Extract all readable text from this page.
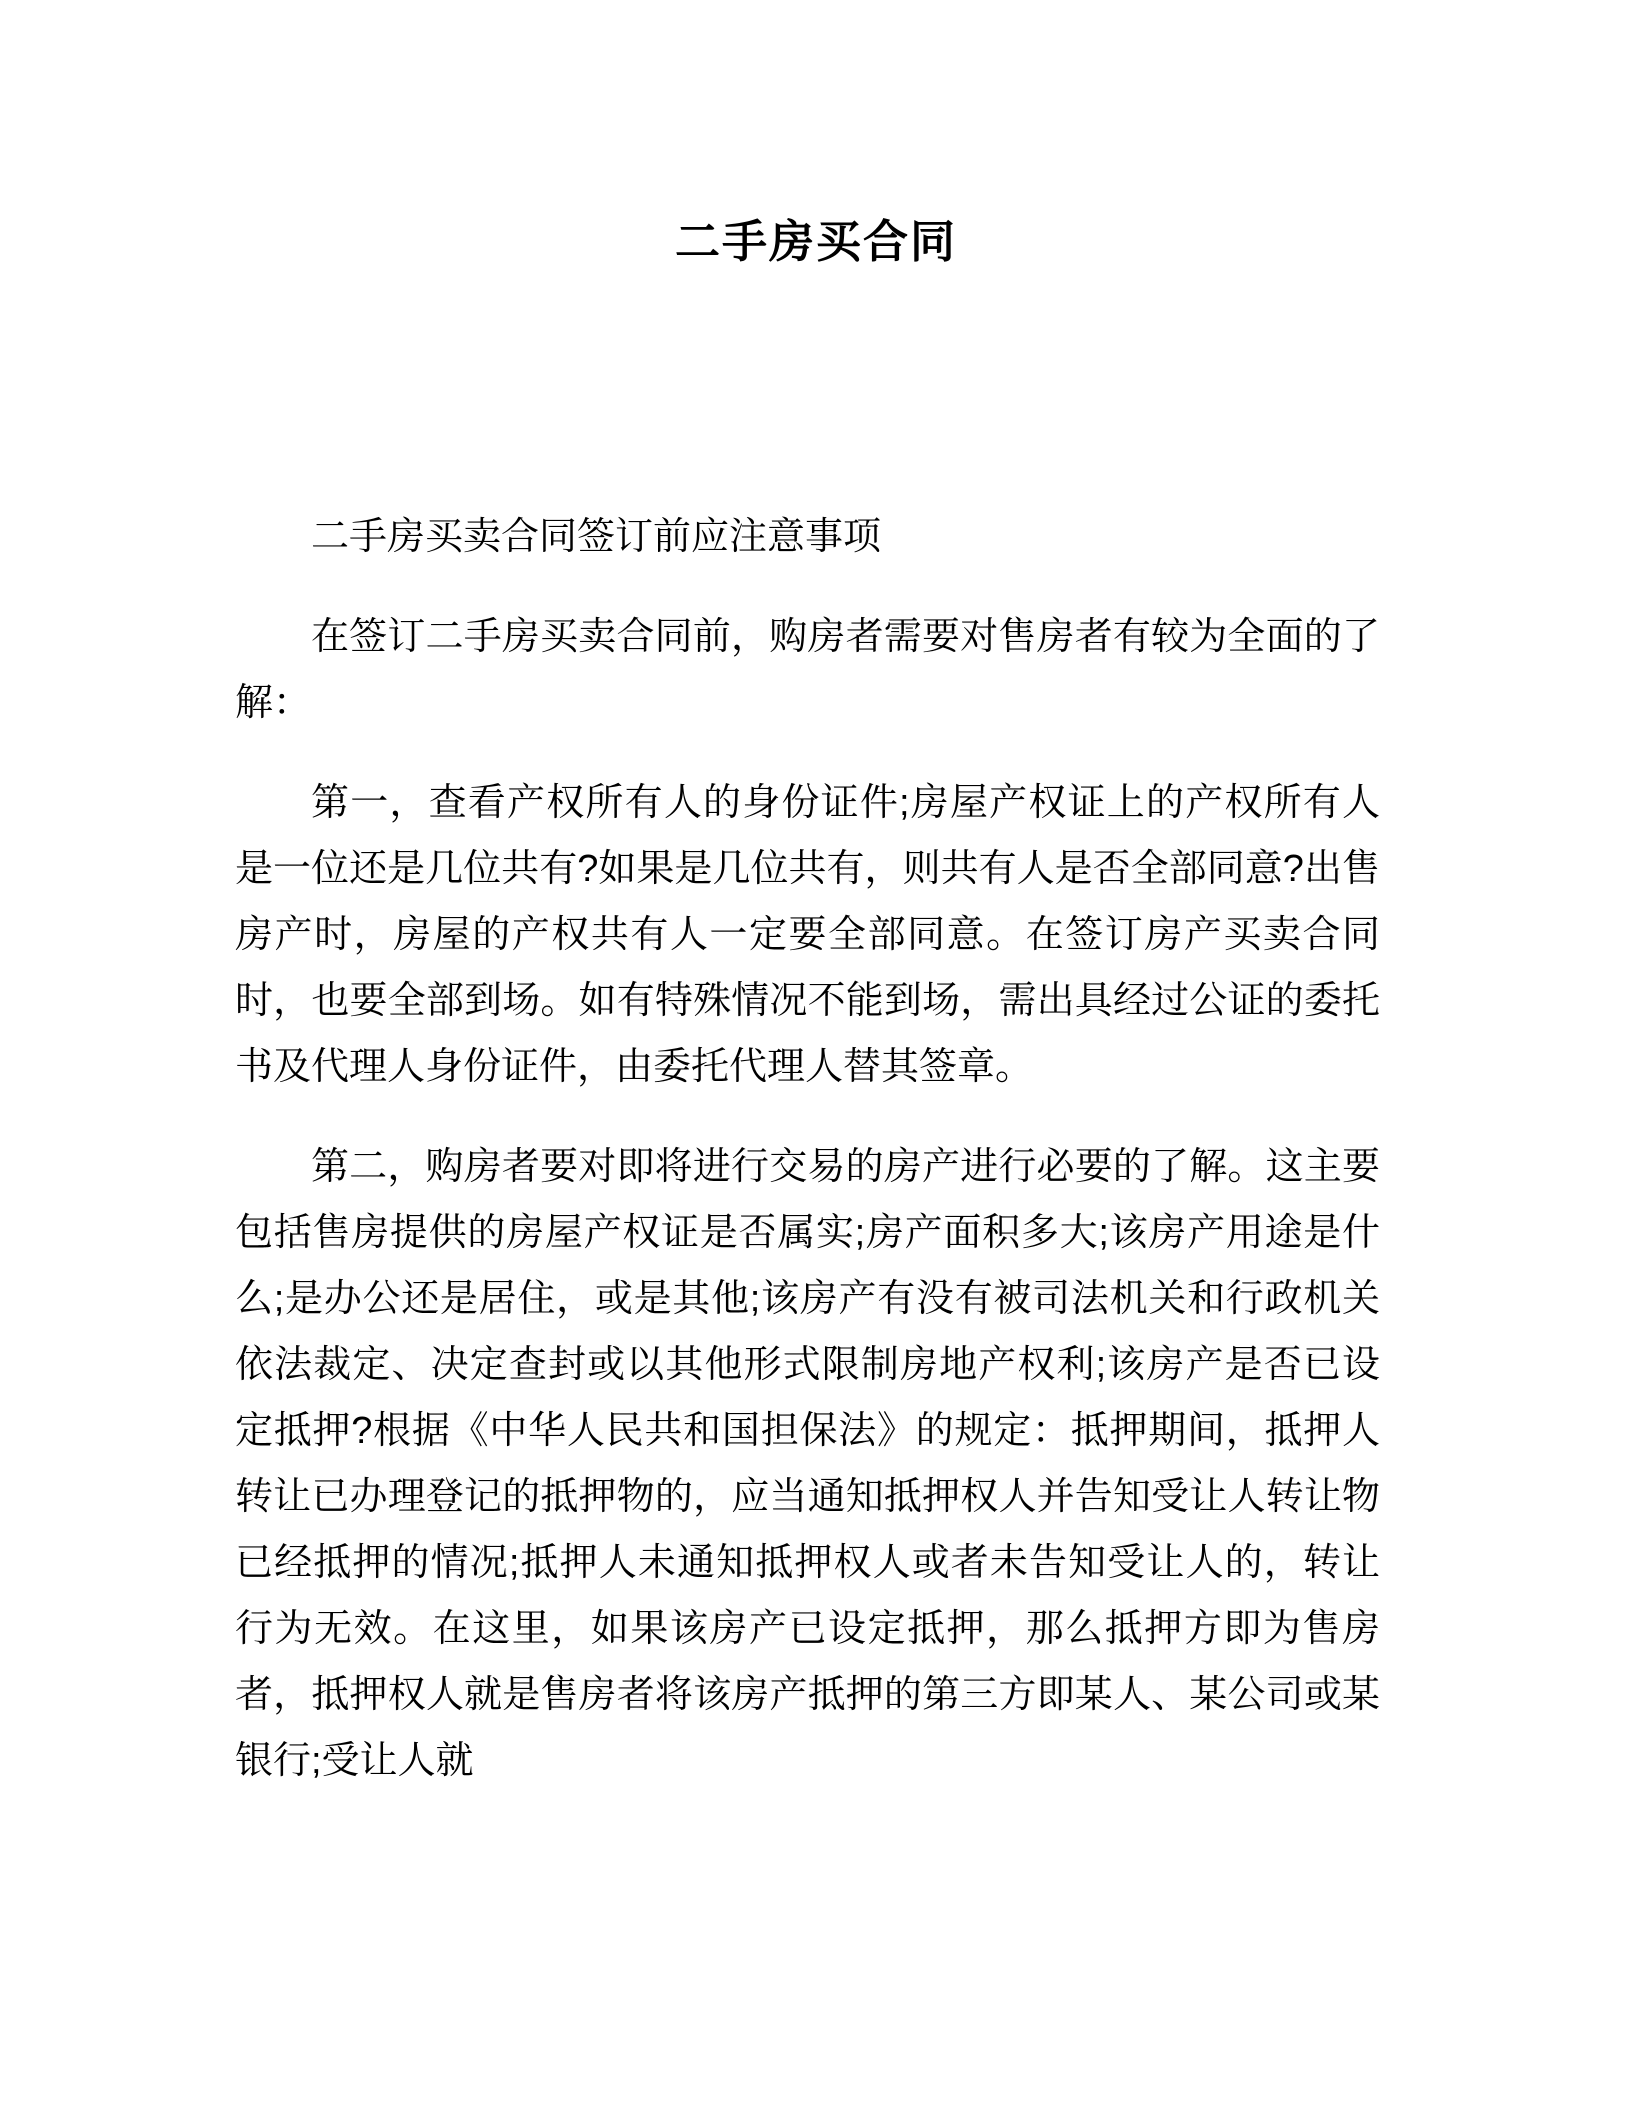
二手房买合同

二手房买卖合同签订前应注意事项

在签订二手房买卖合同前，购房者需要对售房者有较为全面的了解：

第一，查看产权所有人的身份证件;房屋产权证上的产权所有人是一位还是几位共有?如果是几位共有，则共有人是否全部同意?出售房产时，房屋的产权共有人一定要全部同意。在签订房产买卖合同时，也要全部到场。如有特殊情况不能到场，需出具经过公证的委托书及代理人身份证件，由委托代理人替其签章。

第二，购房者要对即将进行交易的房产进行必要的了解。这主要包括售房提供的房屋产权证是否属实;房产面积多大;该房产用途是什么;是办公还是居住，或是其他;该房产有没有被司法机关和行政机关依法裁定、决定查封或以其他形式限制房地产权利;该房产是否已设定抵押?根据《中华人民共和国担保法》的规定：抵押期间，抵押人转让已办理登记的抵押物的，应当通知抵押权人并告知受让人转让物已经抵押的情况;抵押人未通知抵押权人或者未告知受让人的，转让行为无效。在这里，如果该房产已设定抵押，那么抵押方即为售房者，抵押权人就是售房者将该房产抵押的第三方即某人、某公司或某银行;受让人就
